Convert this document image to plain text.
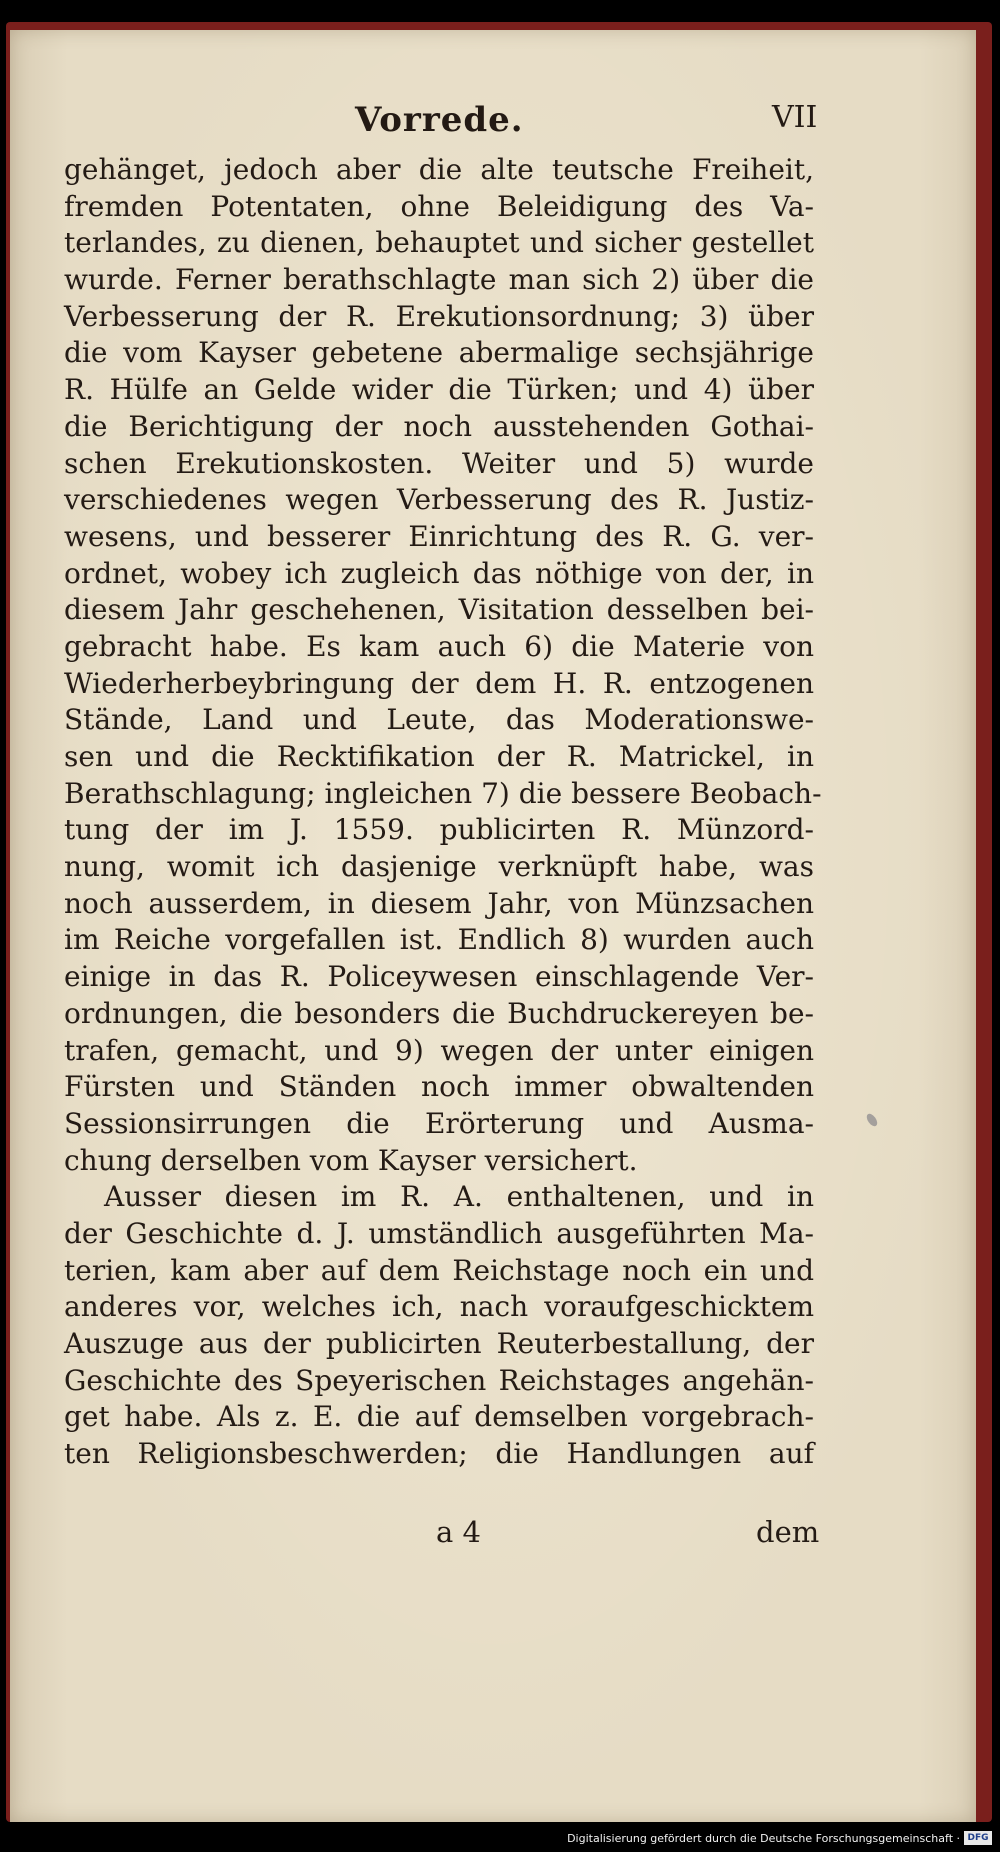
Vorrede.	VII
gehänget, jedoch aber die alte teutsche Freiheit,
fremden Potentaten, ohne Beleidigung des Va-
terlandes, zu dienen, behauptet und sicher gestellet
wurde. Ferner berathschlagte man sich 2) über die
Verbesserung der R. Erekutionsordnung; 3) über
die vom Kayser gebetene abermalige sechsjährige
R. Hülfe an Gelde wider die Türken; und 4) über
die Berichtigung der noch ausstehenden Gothai-
schen Erekutionskosten. Weiter und 5) wurde
verschiedenes wegen Verbesserung des R. Justiz-
wesens, und besserer Einrichtung des R. G. ver-
ordnet, wobey ich zugleich das nöthige von der, in
diesem Jahr geschehenen, Visitation desselben bei-
gebracht habe. Es kam auch 6) die Materie von
Wiederherbeybringung der dem H. R. entzogenen
Stände, Land und Leute, das Moderationswe-
sen und die Recktifikation der R. Matrickel, in
Berathschlagung; ingleichen 7) die bessere Beobach-
tung der im J. 1559. publicirten R. Münzord-
nung, womit ich dasjenige verknüpft habe, was
noch ausserdem, in diesem Jahr, von Münzsachen
im Reiche vorgefallen ist. Endlich 8) wurden auch
einige in das R. Policeywesen einschlagende Ver-
ordnungen, die besonders die Buchdruckereyen be-
trafen, gemacht, und 9) wegen der unter einigen
Fürsten und Ständen noch immer obwaltenden
Sessionsirrungen die Erörterung und Ausma-
chung derselben vom Kayser versichert.
Ausser diesen im R. A. enthaltenen, und in
der Geschichte d. J. umständlich ausgeführten Ma-
terien, kam aber auf dem Reichstage noch ein und
anderes vor, welches ich, nach voraufgeschicktem
Auszuge aus der publicirten Reuterbestallung, der
Geschichte des Speyerischen Reichstages angehän-
get habe. Als z. E. die auf demselben vorgebrach-
ten Religionsbeschwerden; die Handlungen auf
a 4	dem
Digitalisierung gefördert durch die Deutsche Forschungsgemeinschaft · DFG
